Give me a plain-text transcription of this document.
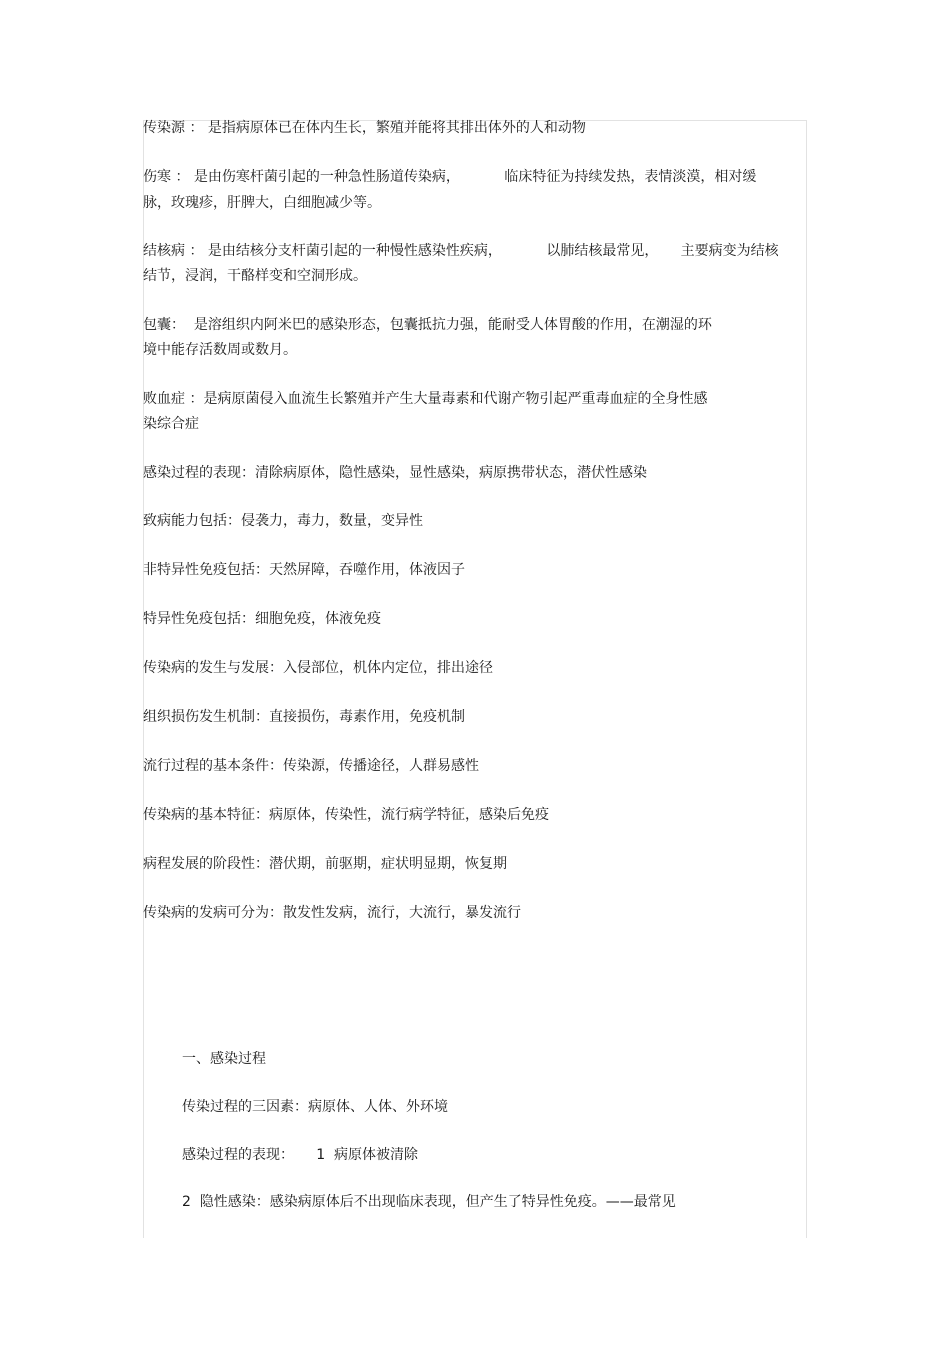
传染源 ： 是指病原体已在体内生长，繁殖并能将其排出体外的人和动物
伤寒 ： 是由伤寒杆菌引起的一种急性肠道传染病，          临床特征为持续发热，表情淡漠，相对缓
脉，玫瑰疹，肝脾大，白细胞减少等。
结核病 ： 是由结核分支杆菌引起的一种慢性感染性疾病，          以肺结核最常见，     主要病变为结核
结节，浸润，干酪样变和空洞形成。
包囊：  是溶组织内阿米巴的感染形态，包囊抵抗力强，能耐受人体胃酸的作用，在潮湿的环
境中能存活数周或数月。
败血症 ：是病原菌侵入血流生长繁殖并产生大量毒素和代谢产物引起严重毒血症的全身性感
染综合症
感染过程的表现：清除病原体，隐性感染，显性感染，病原携带状态，潜伏性感染
致病能力包括：侵袭力，毒力，数量，变异性
非特异性免疫包括：天然屏障，吞噬作用，体液因子
特异性免疫包括：细胞免疫，体液免疫
传染病的发生与发展：入侵部位，机体内定位，排出途径
组织损伤发生机制：直接损伤，毒素作用，免疫机制
流行过程的基本条件：传染源，传播途径，人群易感性
传染病的基本特征：病原体，传染性，流行病学特征，感染后免疫
病程发展的阶段性：潜伏期，前驱期，症状明显期，恢复期
传染病的发病可分为：散发性发病，流行，大流行，暴发流行
一、感染过程
传染过程的三因素：病原体、人体、外环境
感染过程的表现：     1  病原体被清除
2  隐性感染：感染病原体后不出现临床表现，但产生了特异性免疫。——最常见
